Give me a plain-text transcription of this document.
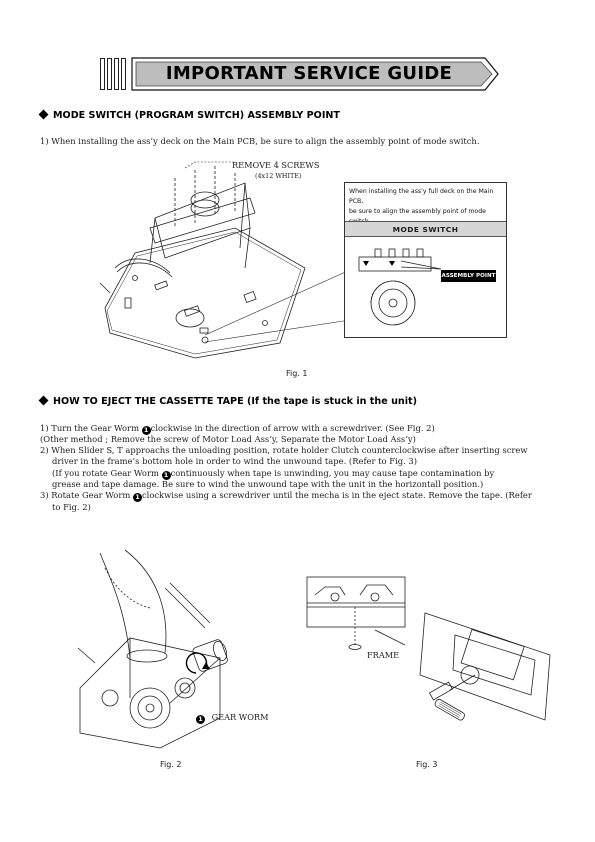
IMPORTANT SERVICE GUIDE
MODE SWITCH (PROGRAM SWITCH) ASSEMBLY POINT
1) When installing the ass’y deck on the Main PCB, be sure to align the assembly point of mode switch.
REMOVE 4 SCREWS
(4x12 WHITE)
When installing the ass'y full deck on the Main PCB,
be sure to align the assembly point of mode
MODE SWITCH
ASSEMBLY POINT
Fig. 1
HOW TO EJECT THE CASSETTE TAPE (If the tape is stuck in the unit)
1) Turn the Gear Worm 1 clockwise in the direction of arrow with a screwdriver. (See Fig. 2)
(Other method ; Remove the screw of Motor Load Ass’y, Separate the Motor Load Ass’y)
2) When Slider S, T approachs the unloading position, rotate holder Clutch counterclockwise after inserting screw
driver in the frame’s bottom hole in order to wind the unwound tape. (Refer to Fig. 3)
(If you rotate Gear Worm 1 continuously when tape is unwinding, you may cause tape contamination by
grease and tape damage. Be sure to wind the unwound tape with the unit in the horizontall position.)
3) Rotate Gear Worm 1 clockwise using a screwdriver until the mecha is in the eject state. Remove the tape. (Refer
to Fig. 2)
1 GEAR WORM
Fig. 2
FRAME
Fig. 3
